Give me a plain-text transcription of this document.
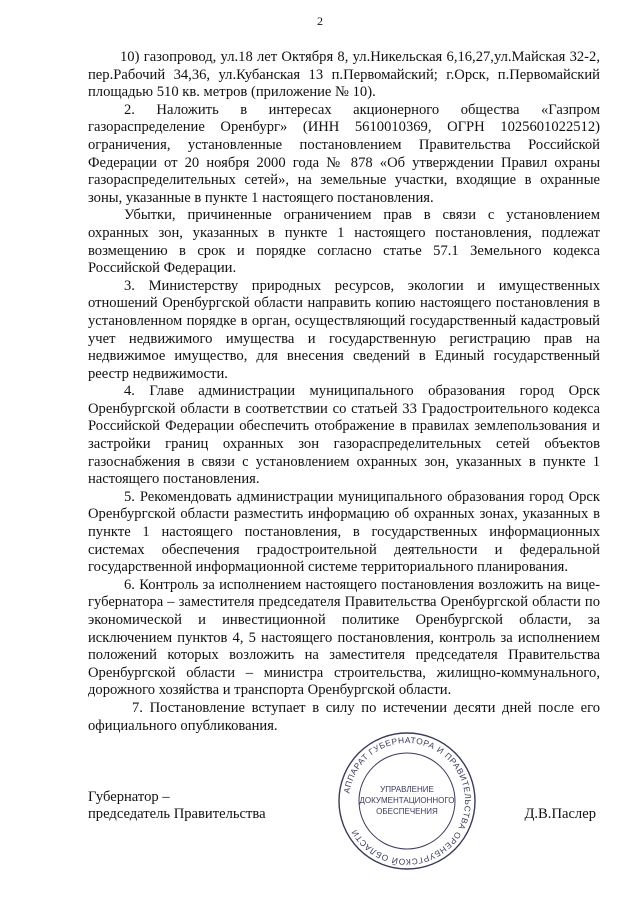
2

10) газопровод, ул.18 лет Октября 8, ул.Никельская 6,16,27,ул.Майская 32-2, пер.Рабочий 34,36, ул.Кубанская 13 п.Первомайский; г.Орск, п.Первомайский площадью 510 кв. метров (приложение № 10).

2. Наложить в интересах акционерного общества «Газпром газораспределение Оренбург» (ИНН 5610010369, ОГРН 1025601022512) ограничения, установленные постановлением Правительства Российской Федерации от 20 ноября 2000 года № 878 «Об утверждении Правил охраны газораспределительных сетей», на земельные участки, входящие в охранные зоны, указанные в пункте 1 настоящего постановления.

Убытки, причиненные ограничением прав в связи с установлением охранных зон, указанных в пункте 1 настоящего постановления, подлежат возмещению в срок и порядке согласно статье 57.1 Земельного кодекса Российской Федерации.

3. Министерству природных ресурсов, экологии и имущественных отношений Оренбургской области направить копию настоящего постановления в установленном порядке в орган, осуществляющий государственный кадастровый учет недвижимого имущества и государственную регистрацию прав на недвижимое имущество, для внесения сведений в Единый государственный реестр недвижимости.

4. Главе администрации муниципального образования город Орск Оренбургской области в соответствии со статьей 33 Градостроительного кодекса Российской Федерации обеспечить отображение в правилах землепользования и застройки границ охранных зон газораспределительных сетей объектов газоснабжения в связи с установлением охранных зон, указанных в пункте 1 настоящего постановления.

5. Рекомендовать администрации муниципального образования город Орск Оренбургской области разместить информацию об охранных зонах, указанных в пункте 1 настоящего постановления, в государственных информационных системах обеспечения градостроительной деятельности и федеральной государственной информационной системе территориального планирования.

6. Контроль за исполнением настоящего постановления возложить на вице-губернатора – заместителя председателя Правительства Оренбургской области по экономической и инвестиционной политике Оренбургской области, за исключением пунктов 4, 5 настоящего постановления, контроль за исполнением положений которых возложить на заместителя председателя Правительства Оренбургской области – министра строительства, жилищно-коммунального, дорожного хозяйства и транспорта Оренбургской области.

7. Постановление вступает в силу по истечении десяти дней после его официального опубликования.

АППАРАТ ГУБЕРНАТОРА И ПРАВИТЕЛЬСТВА ОРЕНБУРГСКОЙ ОБЛАСТИ
УПРАВЛЕНИЕ
ДОКУМЕНТАЦИОННОГО
ОБЕСПЕЧЕНИЯ
Губернатор –
председатель Правительства	Д.В.Паслер
